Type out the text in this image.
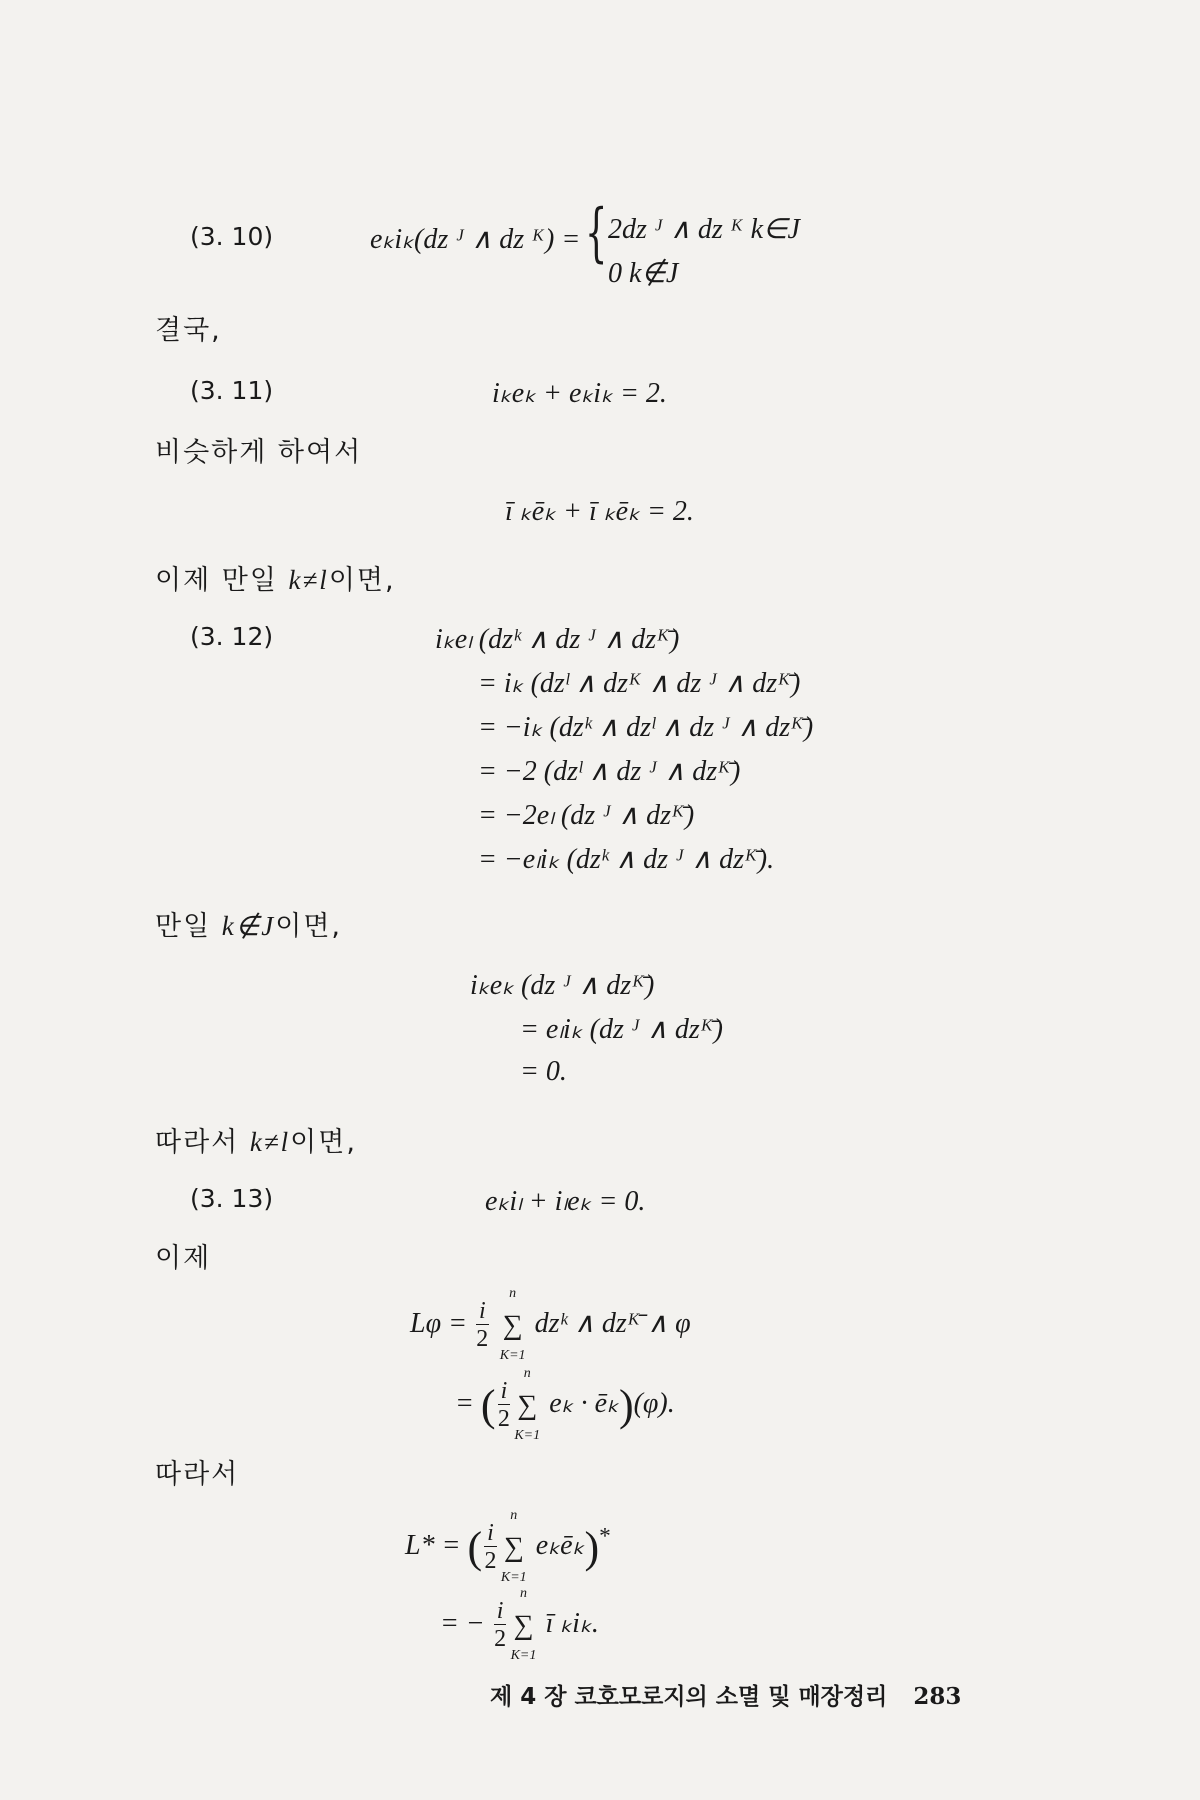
(3. 10)	eₖiₖ(dz ᴶ ∧ dz ᴷ) = { 2dz ᴶ ∧ dz ᴷ k∈J
0 k∉J
결국,
(3. 11)	iₖeₖ + eₖiₖ = 2.
비슷하게 하여서
ī ₖēₖ + ī ₖēₖ = 2.
이제 만일 k≠l이면,
(3. 12)	iₖeₗ (dzᵏ ∧ dz ᴶ ∧ dzᴷ̄)
= iₖ (dzˡ ∧ dzᴷ ∧ dz ᴶ ∧ dzᴷ̄)
= −iₖ (dzᵏ ∧ dzˡ ∧ dz ᴶ ∧ dzᴷ̄)
= −2 (dzˡ ∧ dz ᴶ ∧ dzᴷ̄)
= −2eₗ (dz ᴶ ∧ dzᴷ̄)
= −eₗiₖ (dzᵏ ∧ dz ᴶ ∧ dzᴷ̄).
만일 k∉J이면,
iₖeₖ (dz ᴶ ∧ dzᴷ̄)
= eₗiₖ (dz ᴶ ∧ dzᴷ̄)
= 0.
따라서 k≠l이면,
(3. 13)	eₖiₗ + iₗeₖ = 0.
이제
$L\varphi = \frac{i}{2}$

n
∑
K=1
dzᵏ ∧ dzᴷ̄ ∧ φ
= ( $\frac{i}{2}$
n
∑
K=1
eₖ · ēₖ)(φ).
따라서
L* = ( $\frac{i}{2}$
n
∑
K=1
eₖēₖ)*
= − $\frac{i}{2}$
n
∑
K=1
ī ₖiₖ.
제 4 장 코호모로지의 소멸 및 매장정리 283
